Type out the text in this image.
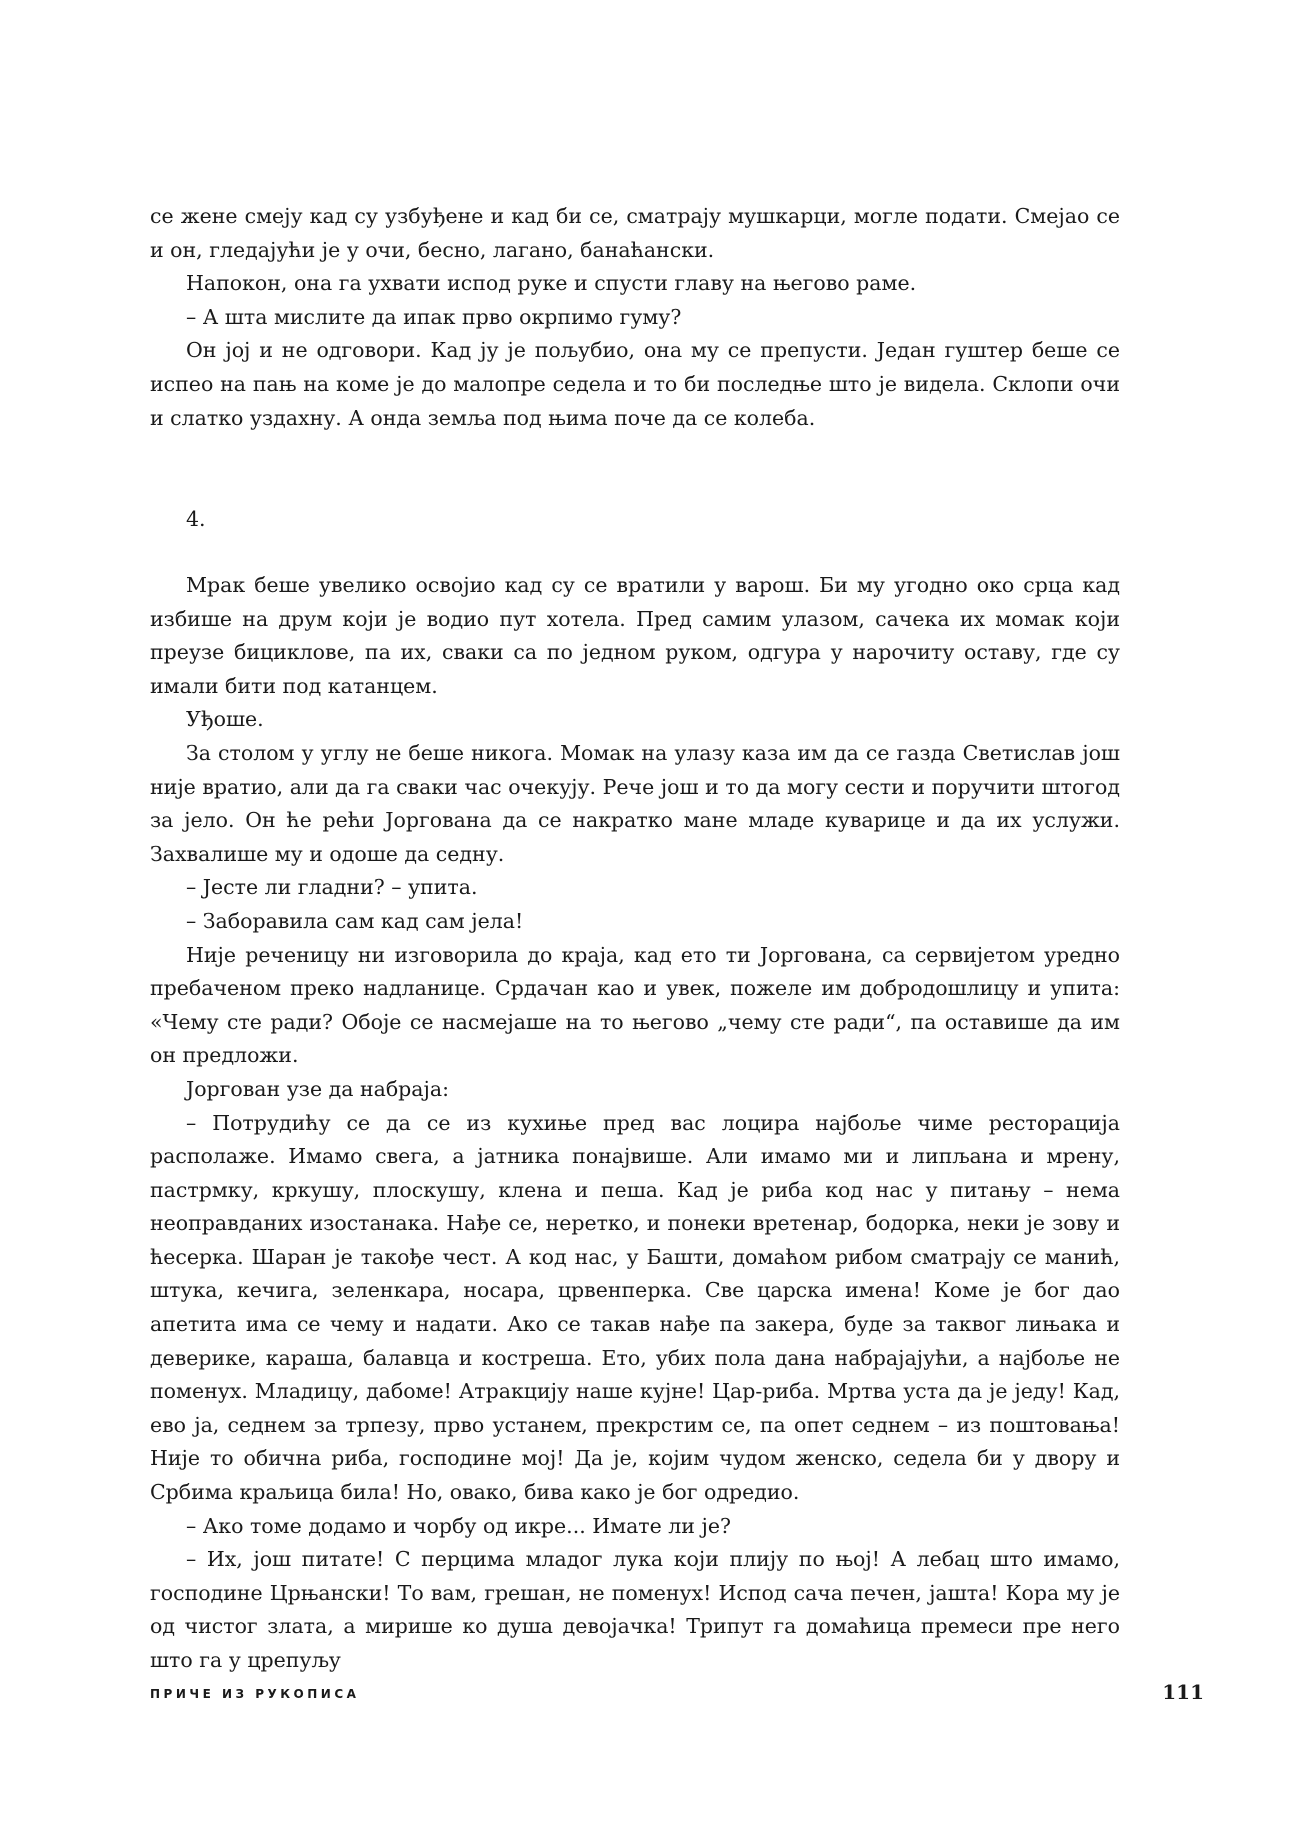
се жене смеју кад су узбуђене и кад би се, сматрају мушкарци, могле подати. Смејао се и он, гледајући је у очи, бесно, лагано, банаћански.

Напокон, она га ухвати испод руке и спусти главу на његово раме.

– А шта мислите да ипак прво окрпимо гуму?

Он јој и не одговори. Кад ју је пољубио, она му се препусти. Један гуштер беше се испео на пањ на коме је до малопре седела и то би последње што је видела. Склопи очи и слатко уздахну. А онда земља под њима поче да се колеба.

4.

Мрак беше увелико освојио кад су се вратили у варош. Би му угодно око срца кад избише на друм који је водио пут хотела. Пред самим улазом, сачека их момак који преузе бициклове, па их, сваки са по једном руком, одгура у нарочиту оставу, где су имали бити под катанцем.

Уђоше.

За столом у углу не беше никога. Момак на улазу каза им да се газда Светислав још није вратио, али да га сваки час очекују. Рече још и то да могу сести и поручити штогод за јело. Он ће рећи Јоргована да се накратко мане младе куварице и да их услужи. Захвалише му и одоше да седну.

– Јесте ли гладни? – упита.

– Заборавила сам кад сам јела!

Није реченицу ни изговорила до краја, кад ето ти Јоргована, са сервијетом уредно пребаченом преко надланице. Срдачан као и увек, пожеле им добродошлицу и упита: «Чему сте ради? Обоје се насмејаше на то његово „чему сте ради“, па оставише да им он предложи.

Јоргован узе да набраја:

– Потрудићу се да се из кухиње пред вас лоцира најбоље чиме ресторација располаже. Имамо свега, а јатника понајвише. Али имамо ми и липљана и мрену, пастрмку, кркушу, плоскушу, клена и пеша. Кад је риба код нас у питању – нема неоправданих изостанака. Нађе се, неретко, и понеки вретенар, бодорка, неки је зову и ћесерка. Шаран је такође чест. А код нас, у Башти, домаћом рибом сматрају се манић, штука, кечига, зеленкара, носара, црвенперка. Све царска имена! Коме је бог дао апетита има се чему и надати. Ако се такав нађе па закера, буде за таквог лињака и деверике, караша, балавца и костреша. Ето, убих пола дана набрајајући, а најбоље не поменух. Младицу, дабоме! Атракцију наше кујне! Цар-риба. Мртва уста да је једу! Кад, ево ја, седнем за трпезу, прво устанем, прекрстим се, па опет седнем – из поштовања! Није то обична риба, господине мој! Да је, којим чудом женско, седела би у двору и Србима краљица била! Но, овако, бива како је бог одредио.

– Ако томе додамо и чорбу од икре... Имате ли је?

– Их, још питате! С перцима младог лука који плију по њој! А лебац што имамо, господине Црњански! То вам, грешан, не поменух! Испод сача печен, јашта! Кора му је од чистог злата, а мирише ко душа девојачка! Трипут га домаћица премеси пре него што га у црепуљу

ПРИЧЕ ИЗ РУКОПИСА	111
